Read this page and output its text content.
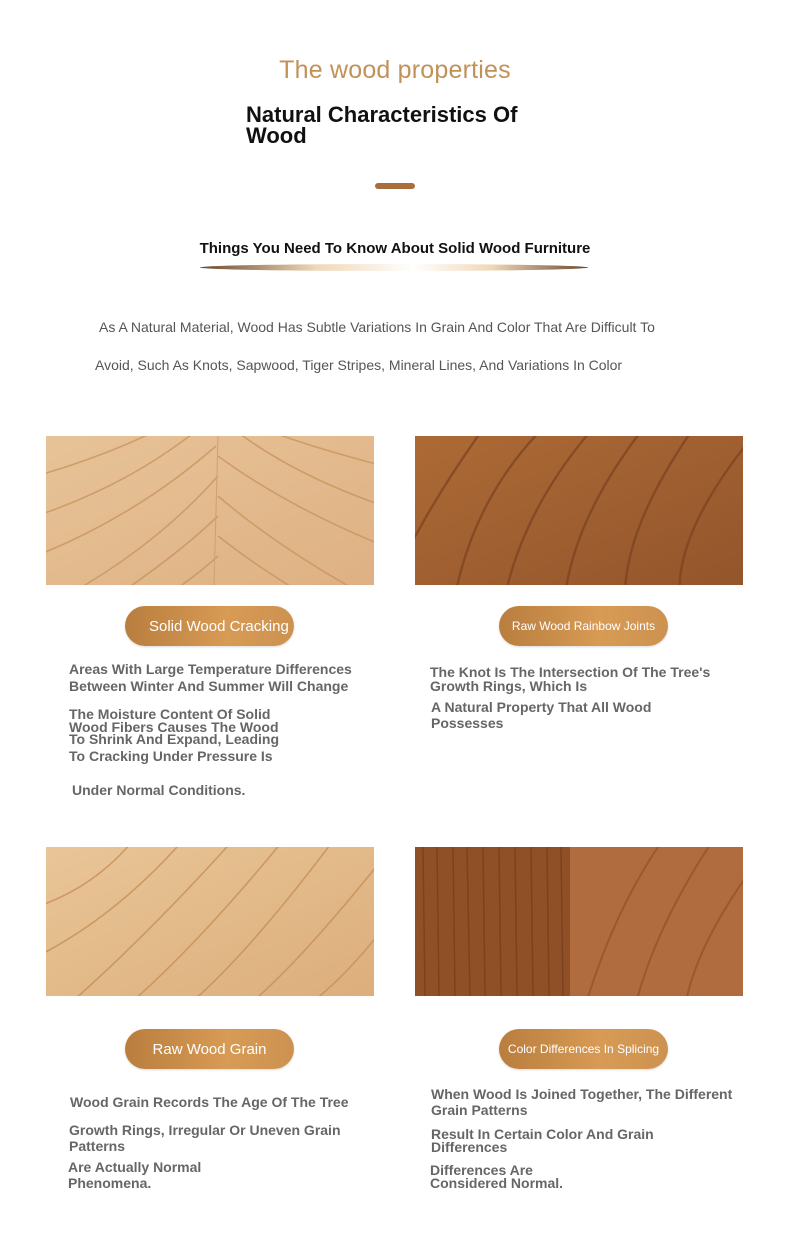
The wood properties
Natural Characteristics Of Wood
Things You Need To Know About Solid Wood Furniture
As A Natural Material, Wood Has Subtle Variations In Grain And Color That Are Difficult To
Avoid, Such As Knots, Sapwood, Tiger Stripes, Mineral Lines, And Variations In Color
Solid Wood Cracking	Raw Wood Rainbow Joints
Raw Wood Grain	Color Differences In Splicing
Areas With Large Temperature Differences
Between Winter And Summer Will Change
The Moisture Content Of Solid
Wood Fibers Causes The Wood
To Shrink And Expand, Leading
To Cracking Under Pressure Is
Under Normal Conditions.
The Knot Is The Intersection Of The Tree's
Growth Rings, Which Is
A Natural Property That All Wood
Possesses
Wood Grain Records The Age Of The Tree
Growth Rings, Irregular Or Uneven Grain
Patterns
Are Actually Normal
Phenomena.
When Wood Is Joined Together, The Different
Grain Patterns
Result In Certain Color And Grain
Differences
Differences Are
Considered Normal.
